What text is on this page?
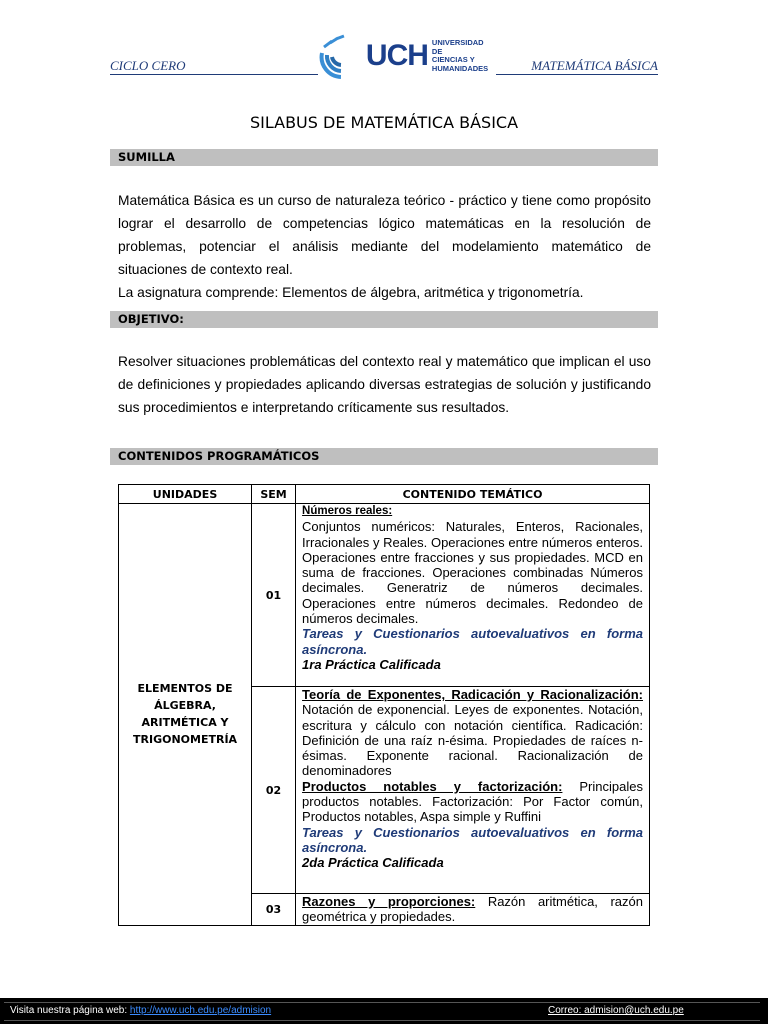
CICLO CERO	MATEMÁTICA BÁSICA
UCH UNIVERSIDAD DE
CIENCIAS Y
HUMANIDADES
SILABUS DE MATEMÁTICA BÁSICA
SUMILLA

Matemática Básica es un curso de naturaleza teórico - práctico y tiene como propósito lograr el desarrollo de competencias lógico matemáticas en la resolución de problemas, potenciar el análisis mediante del modelamiento matemático de situaciones de contexto real.

La asignatura comprende: Elementos de álgebra, aritmética y trigonometría.

OBJETIVO:

Resolver situaciones problemáticas del contexto real y matemático que implican el uso de definiciones y propiedades aplicando diversas estrategias de solución y justificando sus procedimientos e interpretando críticamente sus resultados.

CONTENIDOS PROGRAMÁTICOS
UNIDADES	SEM	CONTENIDO TEMÁTICO

ELEMENTOS DE ÁLGEBRA, ARITMÉTICA Y TRIGONOMETRÍA	01	Números reales:
Conjuntos numéricos: Naturales, Enteros, Racionales, Irracionales y Reales. Operaciones entre números enteros. Operaciones entre fracciones y sus propiedades. MCD en suma de fracciones. Operaciones combinadas Números decimales. Generatriz de números decimales. Operaciones entre números decimales. Redondeo de números decimales.
Tareas y Cuestionarios autoevaluativos en forma asíncrona.
1ra Práctica Calificada

	02	Teoría de Exponentes, Radicación y Racionalización: Notación de exponencial. Leyes de exponentes. Notación, escritura y cálculo con notación científica. Radicación: Definición de una raíz n-ésima. Propiedades de raíces n-ésimas. Exponente racional. Racionalización de denominadores
Productos notables y factorización: Principales productos notables. Factorización: Por Factor común, Productos notables, Aspa simple y Ruffini
Tareas y Cuestionarios autoevaluativos en forma asíncrona.
2da Práctica Calificada

	03	Razones y proporciones: Razón aritmética, razón geométrica y propiedades.
Visita nuestra página web: http://www.uch.edu.pe/admision	Correo: admision@uch.edu.pe
